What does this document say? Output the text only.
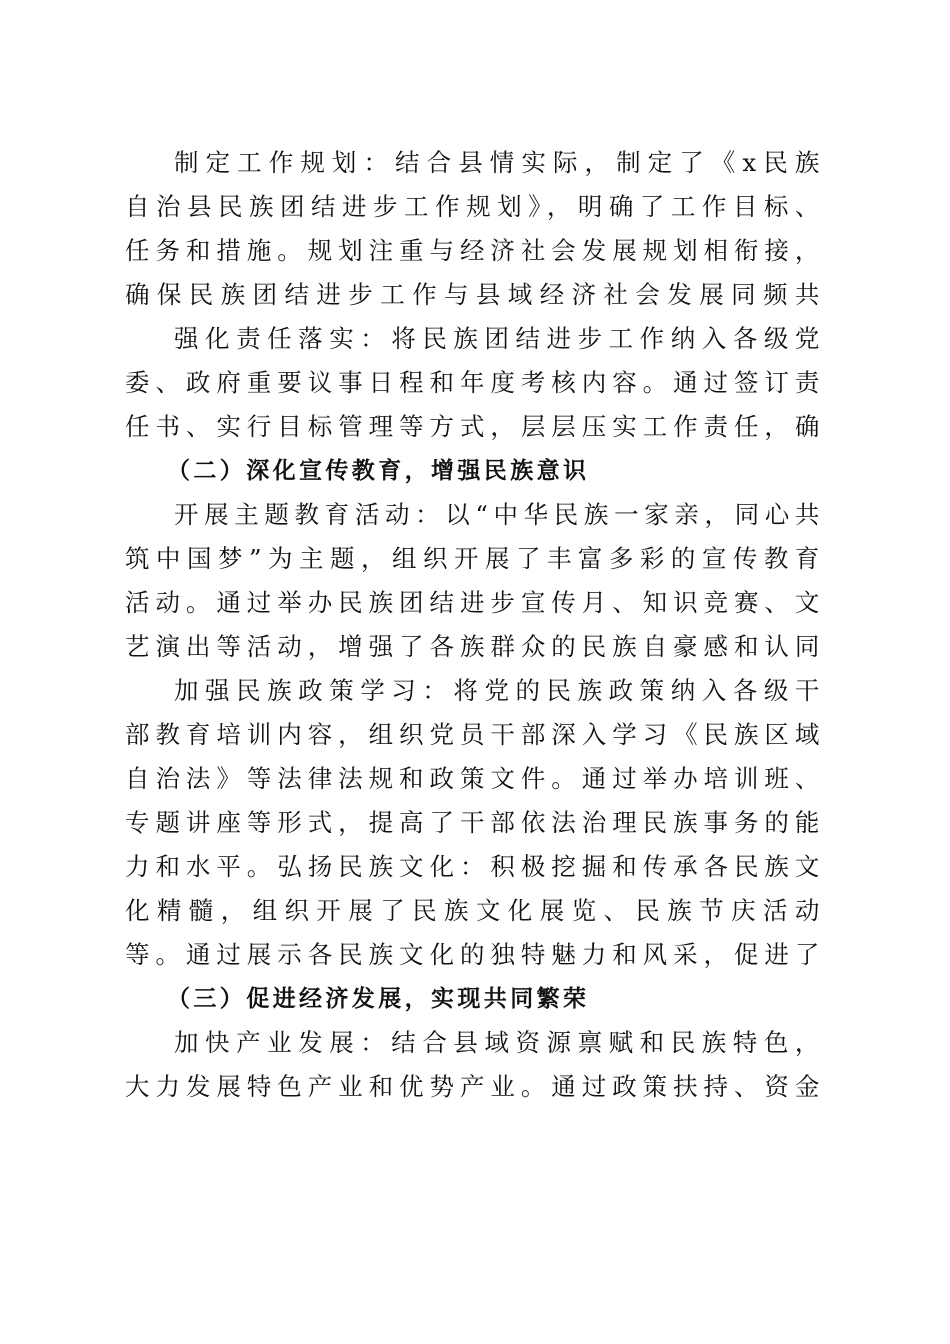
制定工作规划：结合县情实际，制定了《x民族自治县民族团结进步工作规划》，明确了工作目标、任务和措施。规划注重与经济社会发展规划相衔接，确保民族团结进步工作与县域经济社会发展同频共

强化责任落实：将民族团结进步工作纳入各级党委、政府重要议事日程和年度考核内容。通过签订责任书、实行目标管理等方式，层层压实工作责任，确

（二）深化宣传教育，增强民族意识

开展主题教育活动：以“中华民族一家亲，同心共筑中国梦”为主题，组织开展了丰富多彩的宣传教育活动。通过举办民族团结进步宣传月、知识竞赛、文艺演出等活动，增强了各族群众的民族自豪感和认同

加强民族政策学习：将党的民族政策纳入各级干部教育培训内容，组织党员干部深入学习《民族区域自治法》等法律法规和政策文件。通过举办培训班、专题讲座等形式，提高了干部依法治理民族事务的能力和水平。弘扬民族文化：积极挖掘和传承各民族文化精髓，组织开展了民族文化展览、民族节庆活动等。通过展示各民族文化的独特魅力和风采，促进了

（三）促进经济发展，实现共同繁荣

加快产业发展：结合县域资源禀赋和民族特色，大力发展特色产业和优势产业。通过政策扶持、资金
